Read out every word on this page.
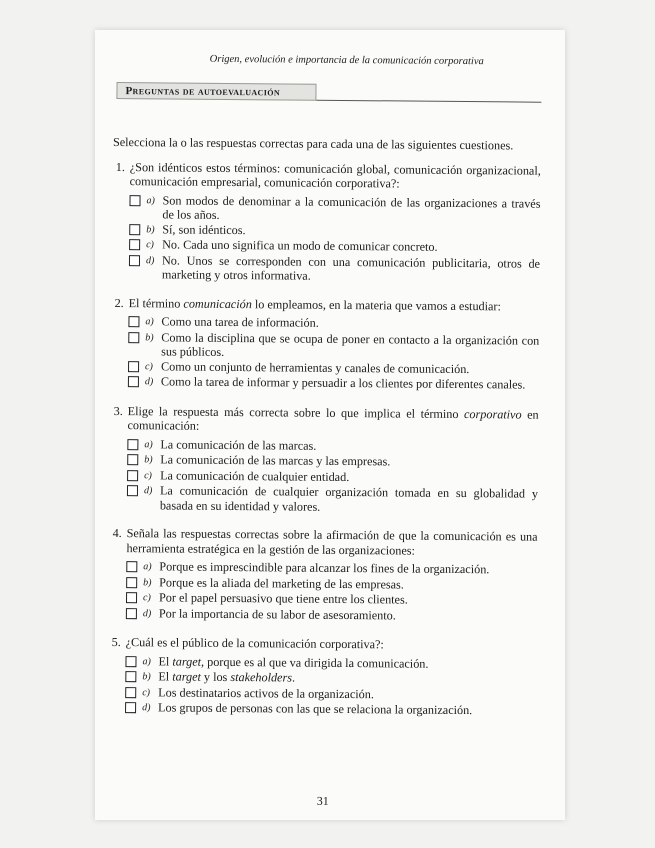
Origen, evolución e importancia de la comunicación corporativa
Preguntas de autoevaluación

Selecciona la o las respuestas correctas para cada una de las siguientes cuestiones.

1. ¿Son idénticos estos términos: comunicación global, comunicación organizacional, comunicación empresarial, comunicación corporativa?:
a) Son modos de denominar a la comunicación de las organizaciones a través de los años.
b) Sí, son idénticos.
c) No. Cada uno significa un modo de comunicar concreto.
d) No. Unos se corresponden con una comunicación publicitaria, otros de marketing y otros informativa.
2. El término comunicación lo empleamos, en la materia que vamos a estudiar:
a) Como una tarea de información.
b) Como la disciplina que se ocupa de poner en contacto a la organización con sus públicos.
c) Como un conjunto de herramientas y canales de comunicación.
d) Como la tarea de informar y persuadir a los clientes por diferentes canales.
3. Elige la respuesta más correcta sobre lo que implica el término corporativo en comunicación:
a) La comunicación de las marcas.
b) La comunicación de las marcas y las empresas.
c) La comunicación de cualquier entidad.
d) La comunicación de cualquier organización tomada en su globalidad y basada en su identidad y valores.
4. Señala las respuestas correctas sobre la afirmación de que la comunicación es una herramienta estratégica en la gestión de las organizaciones:
a) Porque es imprescindible para alcanzar los fines de la organización.
b) Porque es la aliada del marketing de las empresas.
c) Por el papel persuasivo que tiene entre los clientes.
d) Por la importancia de su labor de asesoramiento.
5. ¿Cuál es el público de la comunicación corporativa?:
a) El target, porque es al que va dirigida la comunicación.
b) El target y los stakeholders.
c) Los destinatarios activos de la organización.
d) Los grupos de personas con las que se relaciona la organización.
31
